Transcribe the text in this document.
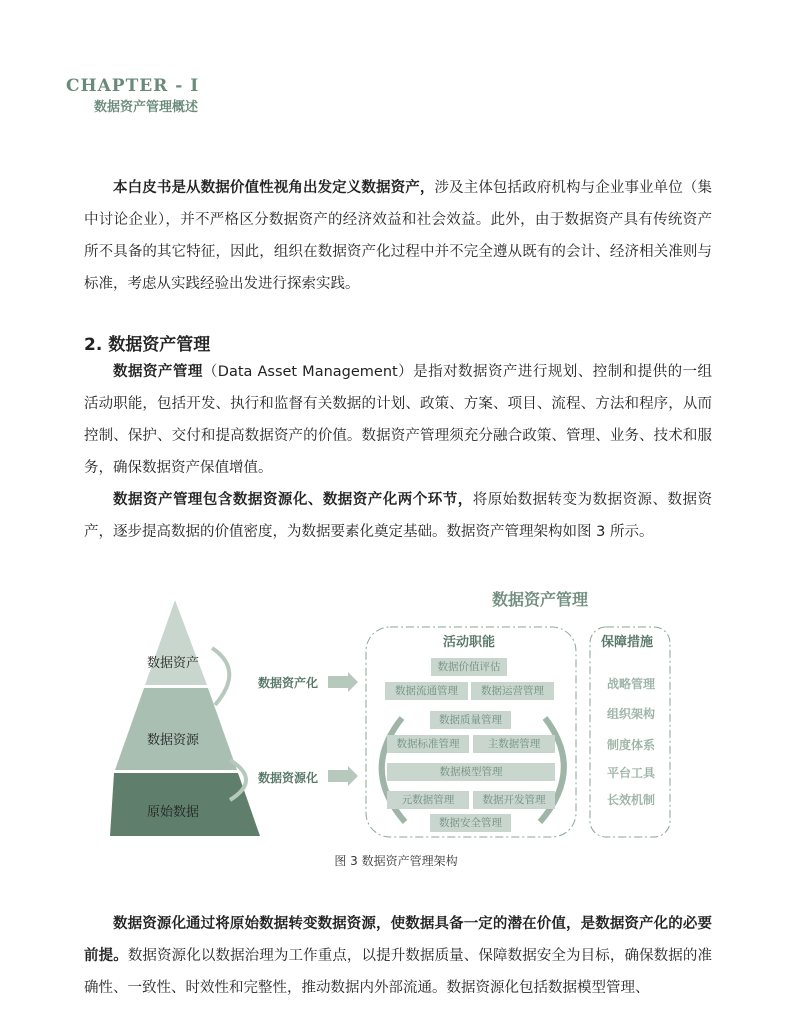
CHAPTER - I
数据资产管理概述
本白皮书是从数据价值性视角出发定义数据资产，涉及主体包括政府机构与企业事业单位（集中讨论企业），并不严格区分数据资产的经济效益和社会效益。此外，由于数据资产具有传统资产所不具备的其它特征，因此，组织在数据资产化过程中并不完全遵从既有的会计、经济相关准则与标准，考虑从实践经验出发进行探索实践。
2. 数据资产管理
数据资产管理（Data Asset Management）是指对数据资产进行规划、控制和提供的一组活动职能，包括开发、执行和监督有关数据的计划、政策、方案、项目、流程、方法和程序，从而控制、保护、交付和提高数据资产的价值。数据资产管理须充分融合政策、管理、业务、技术和服务，确保数据资产保值增值。
数据资产管理包含数据资源化、数据资产化两个环节，将原始数据转变为数据资源、数据资产，逐步提高数据的价值密度，为数据要素化奠定基础。数据资产管理架构如图 3 所示。
数据资产
数据资源
原始数据
数据资产化
数据资源化
数据资产管理
活动职能	保障措施
数据价值评估
数据流通管理	数据运营管理
数据质量管理
数据标准管理	主数据管理
数据模型管理
元数据管理	数据开发管理
数据安全管理
战略管理
组织架构
制度体系
平台工具
长效机制
图 3 数据资产管理架构
数据资源化通过将原始数据转变数据资源，使数据具备一定的潜在价值，是数据资产化的必要前提。数据资源化以数据治理为工作重点，以提升数据质量、保障数据安全为目标，确保数据的准确性、一致性、时效性和完整性，推动数据内外部流通。数据资源化包括数据模型管理、
